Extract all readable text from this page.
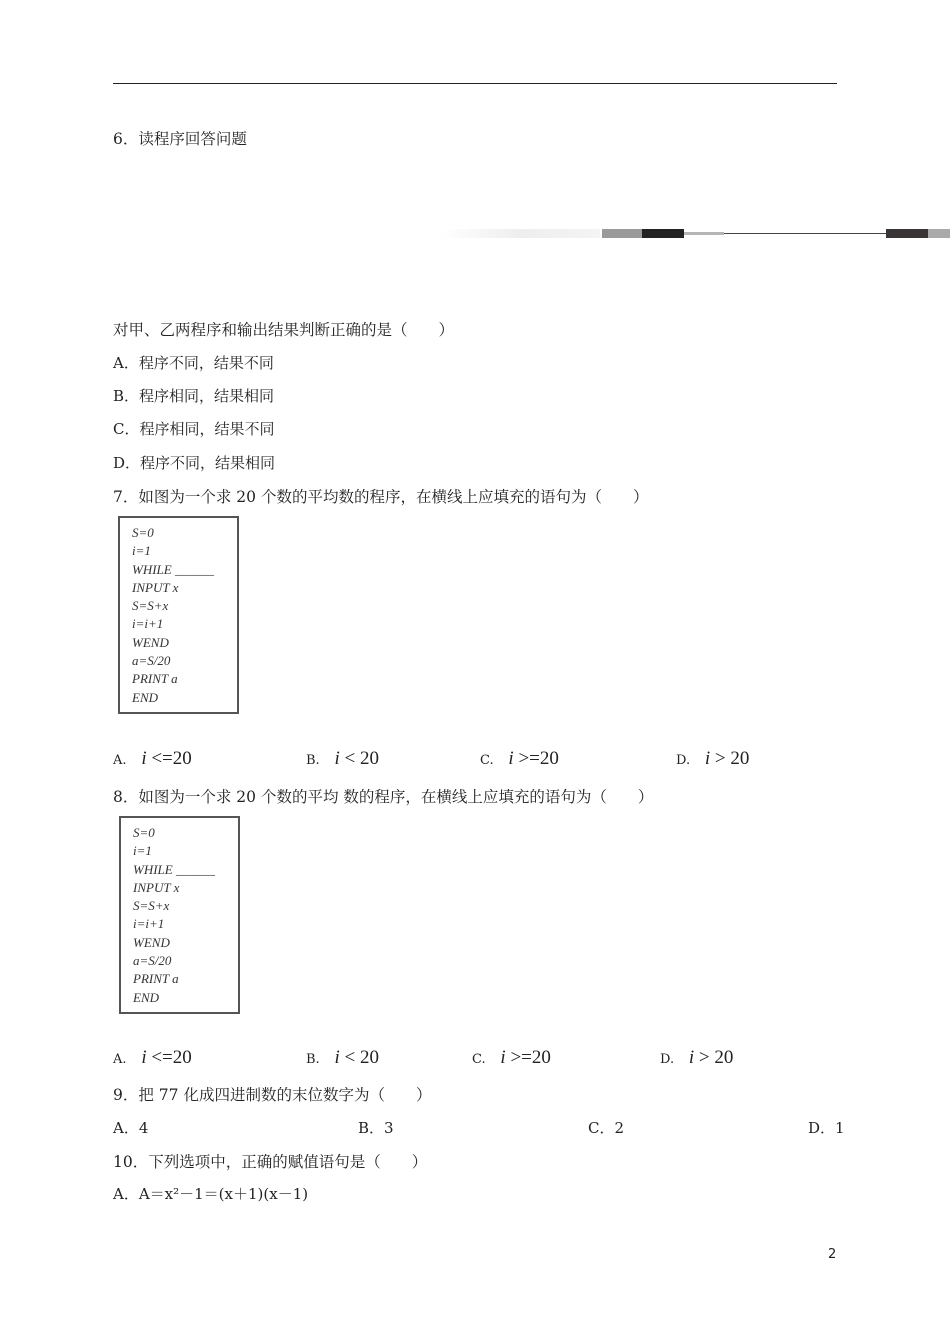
6．读程序回答问题
对甲、乙两程序和输出结果判断正确的是（　　）
A．程序不同，结果不同
B．程序相同，结果相同
C．程序相同，结果不同
D．程序不同，结果相同
7．如图为一个求 20 个数的平均数的程序，在横线上应填充的语句为（　　）
S=0
i=1
WHILE ______
INPUT x
S=S+x
i=i+1
WEND
a=S/20
PRINT a
END
A. i <=20	B. i < 20	C. i >=20	D. i > 20
8．如图为一个求 20 个数的平均 数的程序，在横线上应填充的语句为（　　）
S=0
i=1
WHILE ______
INPUT x
S=S+x
i=i+1
WEND
a=S/20
PRINT a
END
A. i <=20	B. i < 20	C. i >=20	D. i > 20
9．把 77 化成四进制数的末位数字为（　　）
A．4	B．3	C．2	D．1
10．下列选项中，正确的赋值语句是（　　）
A．A＝x²－1＝(x＋1)(x－1)
2
